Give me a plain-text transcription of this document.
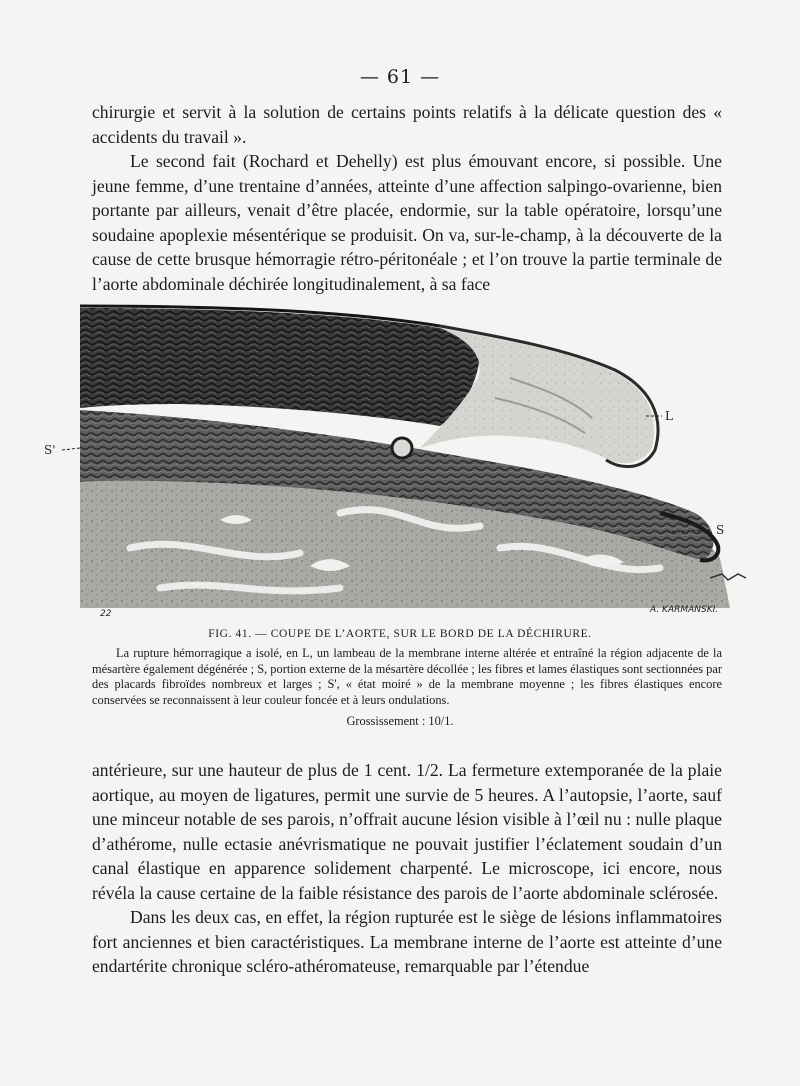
— 61 —

chirurgie et servit à la solution de certains points relatifs à la délicate question des « accidents du travail ».

Le second fait (Rochard et Dehelly) est plus émouvant encore, si possible. Une jeune femme, d’une trentaine d’années, atteinte d’une affection salpingo-ovarienne, bien portante par ailleurs, venait d’être placée, endormie, sur la table opératoire, lorsqu’une soudaine apoplexie mésentérique se produisit. On va, sur-le-champ, à la découverte de la cause de cette brusque hémorragie rétro-péritonéale ; et l’on trouve la partie terminale de l’aorte abdominale déchirée longitudinalement, à sa face

L
S
S'
A. KARMANSKI.
22
FIG. 41. — COUPE DE L’AORTE, SUR LE BORD DE LA DÉCHIRURE.

La rupture hémorragique a isolé, en L, un lambeau de la membrane interne altérée et entraîné la région adjacente de la mésartère également dégénérée ; S, portion externe de la mésartère décollée ; les fibres et lames élastiques sont sectionnées par des placards fibroïdes nombreux et larges ; S', « état moiré » de la membrane moyenne ; les fibres élastiques encore conservées se reconnaissent à leur couleur foncée et à leurs ondulations.

Grossissement : 10/1.

antérieure, sur une hauteur de plus de 1 cent. 1/2. La fermeture extemporanée de la plaie aortique, au moyen de ligatures, permit une survie de 5 heures. A l’autopsie, l’aorte, sauf une minceur notable de ses parois, n’offrait aucune lésion visible à l’œil nu : nulle plaque d’athérome, nulle ectasie anévrismatique ne pouvait justifier l’éclatement soudain d’un canal élastique en apparence solidement charpenté. Le microscope, ici encore, nous révéla la cause certaine de la faible résistance des parois de l’aorte abdominale sclérosée.

Dans les deux cas, en effet, la région rupturée est le siège de lésions inflammatoires fort anciennes et bien caractéristiques. La membrane interne de l’aorte est atteinte d’une endartérite chronique scléro-athéromateuse, remarquable par l’étendue
